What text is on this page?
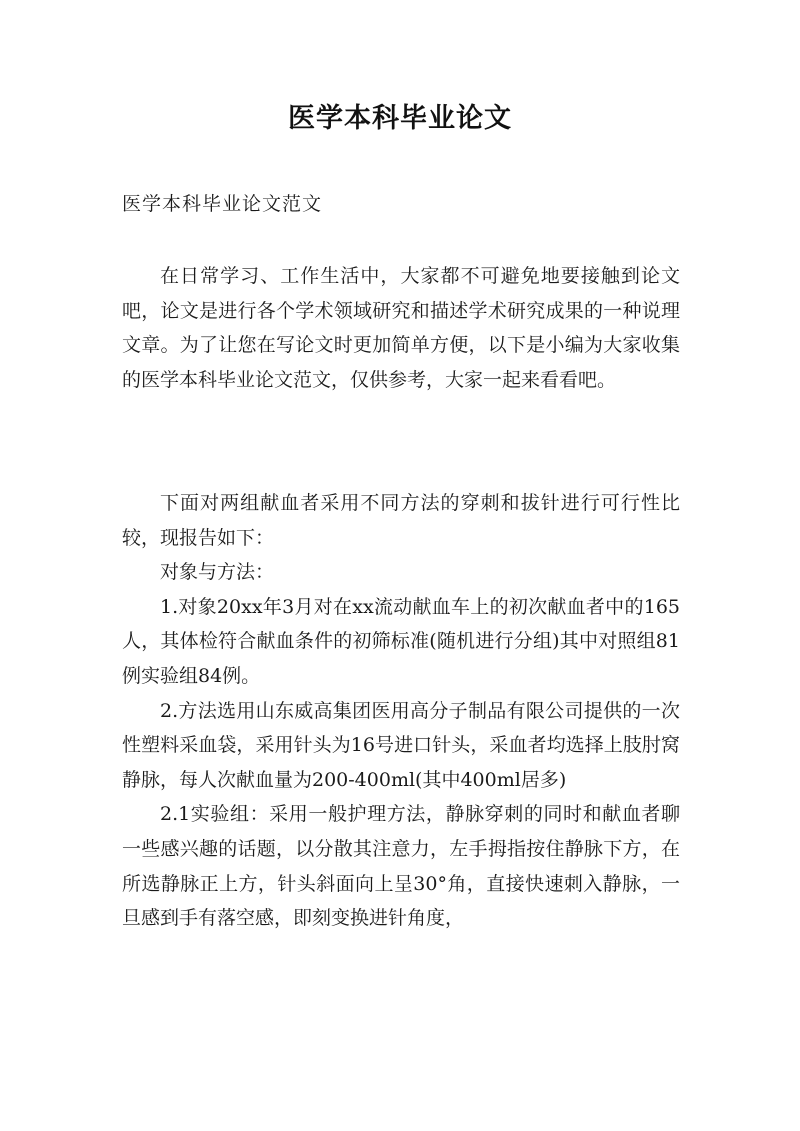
医学本科毕业论文
医学本科毕业论文范文

在日常学习、工作生活中，大家都不可避免地要接触到论文吧，论文是进行各个学术领域研究和描述学术研究成果的一种说理文章。为了让您在写论文时更加简单方便，以下是小编为大家收集的医学本科毕业论文范文，仅供参考，大家一起来看看吧。

下面对两组献血者采用不同方法的穿刺和拔针进行可行性比较，现报告如下：

对象与方法：

1.对象20xx年3月对在xx流动献血车上的初次献血者中的165人，其体检符合献血条件的初筛标准(随机进行分组)其中对照组81例实验组84例。

2.方法选用山东威高集团医用高分子制品有限公司提供的一次性塑料采血袋，采用针头为16号进口针头，采血者均选择上肢肘窝静脉，每人次献血量为200-400ml(其中400ml居多)

2.1实验组：采用一般护理方法，静脉穿刺的同时和献血者聊一些感兴趣的话题，以分散其注意力，左手拇指按住静脉下方，在所选静脉正上方，针头斜面向上呈30°角，直接快速刺入静脉，一旦感到手有落空感，即刻变换进针角度，
